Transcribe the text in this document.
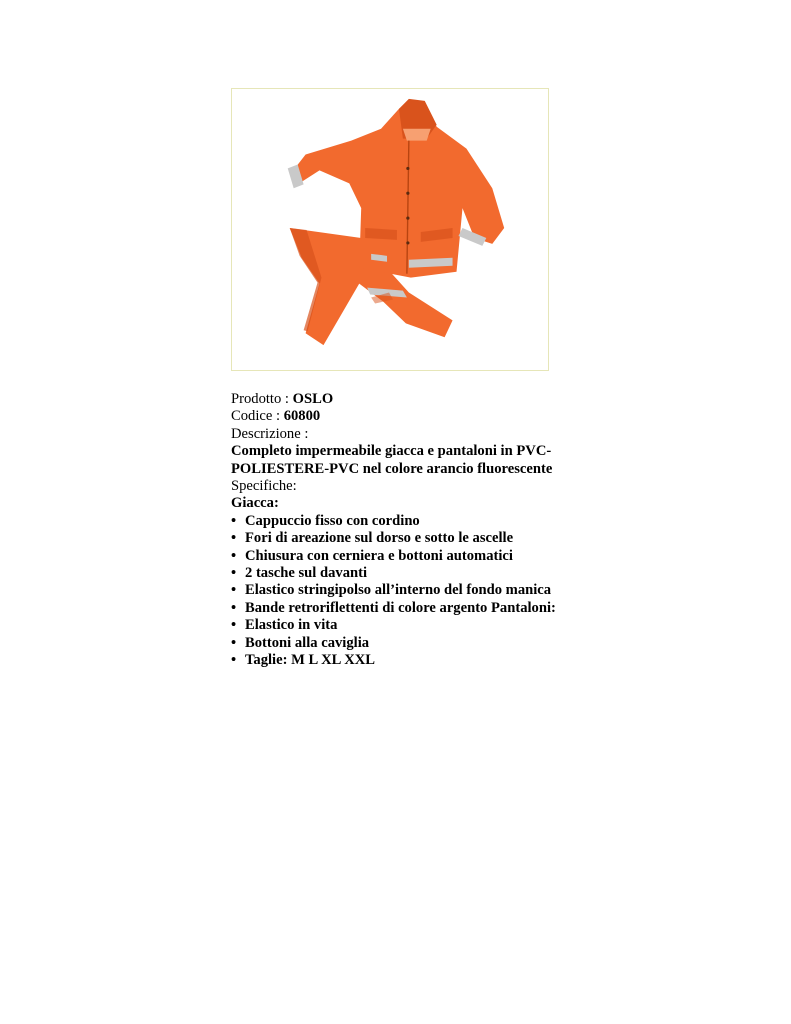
Prodotto : OSLO
Codice : 60800
Descrizione :
Completo impermeabile giacca e pantaloni in PVC-POLIESTERE-PVC nel colore arancio fluorescente
Specifiche:
Giacca:
• Cappuccio fisso con cordino
• Fori di areazione sul dorso e sotto le ascelle
• Chiusura con cerniera e bottoni automatici
• 2 tasche sul davanti
• Elastico stringipolso all’interno del fondo manica
• Bande retroriflettenti di colore argento Pantaloni:
• Elastico in vita
• Bottoni alla caviglia
• Taglie: M L XL XXL
